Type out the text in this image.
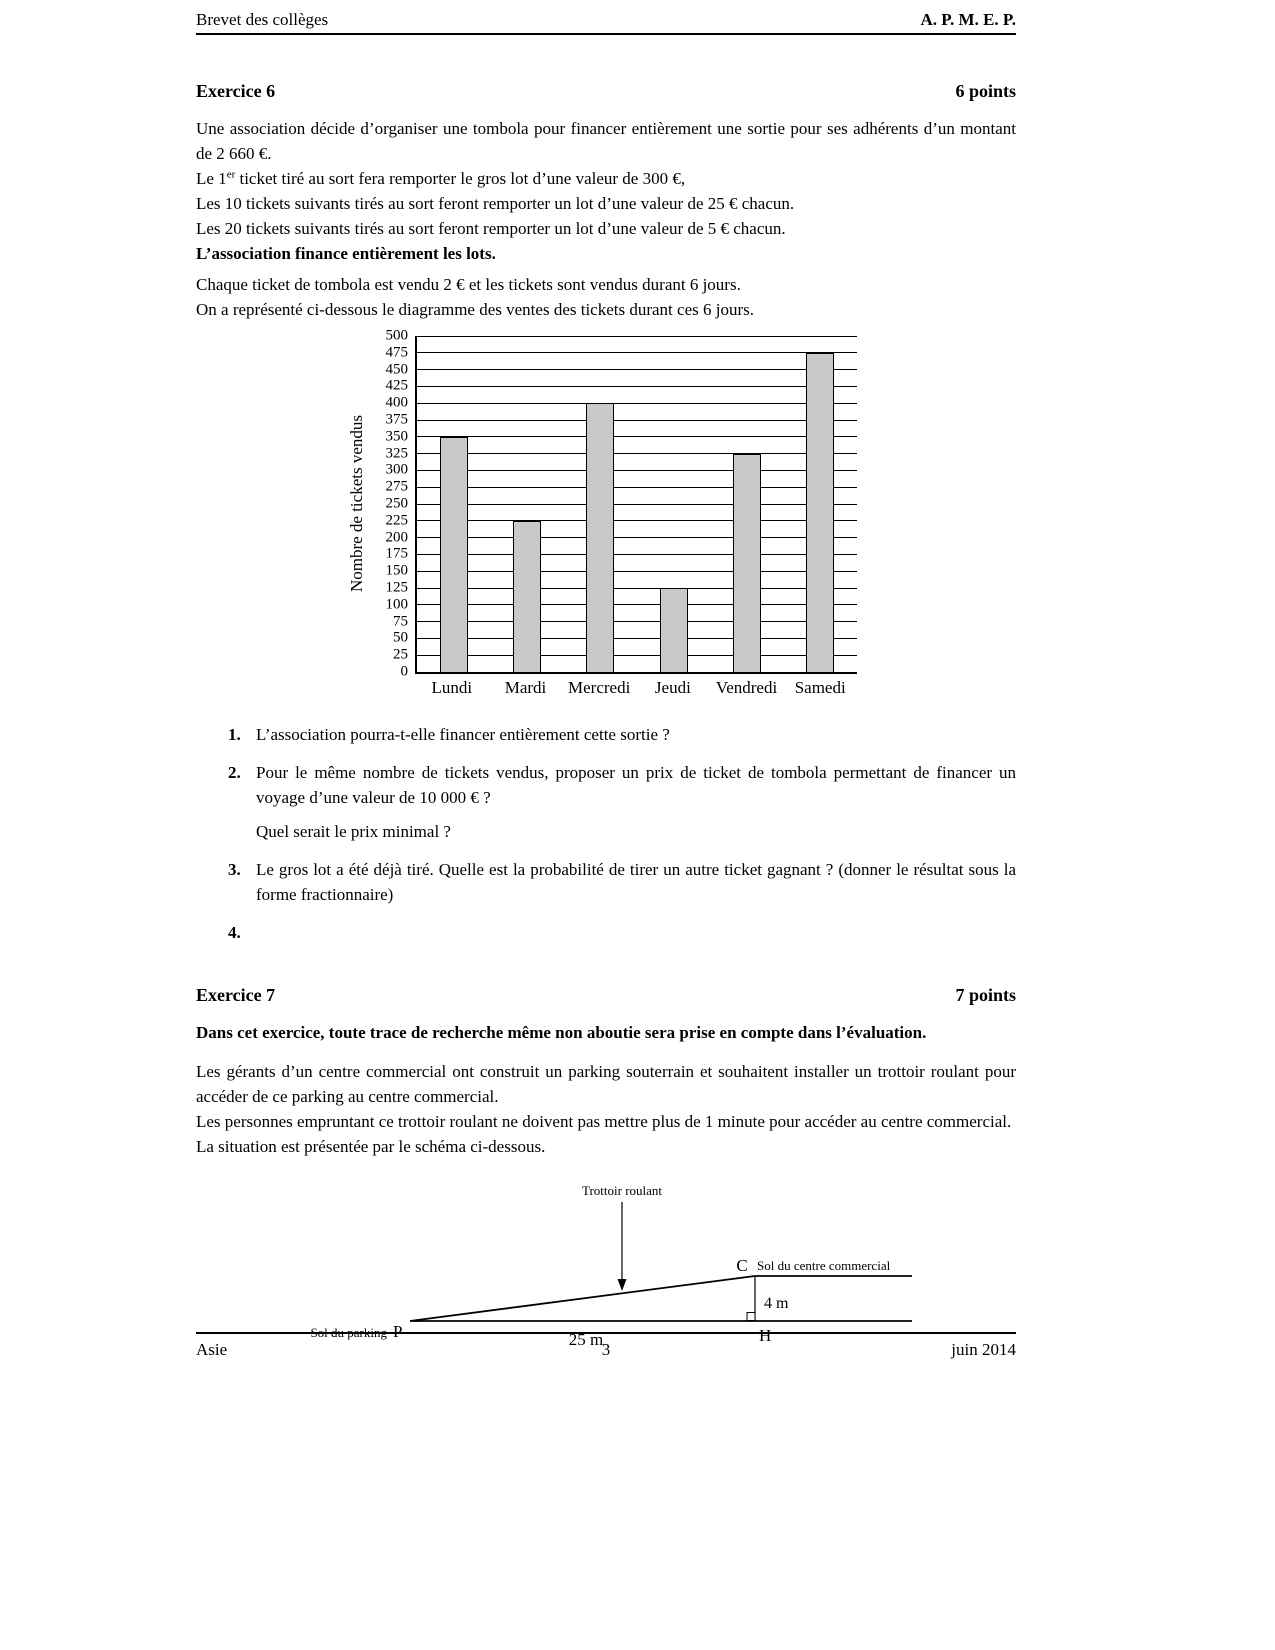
Brevet des collèges	A. P. M. E. P.
Exercice 6	6 points

Une association décide d’organiser une tombola pour financer entièrement une sortie pour ses adhérents d’un montant de 2 660 €.

Le 1er ticket tiré au sort fera remporter le gros lot d’une valeur de 300 €,

Les 10 tickets suivants tirés au sort feront remporter un lot d’une valeur de 25 € chacun.

Les 20 tickets suivants tirés au sort feront remporter un lot d’une valeur de 5 € chacun.

L’association finance entièrement les lots.

Chaque ticket de tombola est vendu 2 € et les tickets sont vendus durant 6 jours.

On a représenté ci-dessous le diagramme des ventes des tickets durant ces 6 jours.

Nombre de tickets vendus
0
25
50
75
100
125
150
175
200
225
250
275
300
325
350
375
400
425
450
475
500
Lundi	Mardi	Mercredi	Jeudi	Vendredi	Samedi
1. L’association pourra-t-elle financer entièrement cette sortie ?

2. Pour le même nombre de tickets vendus, proposer un prix de ticket de tombola permettant de financer un voyage d’une valeur de 10 000 € ?

Quel serait le prix minimal ?

3. Le gros lot a été déjà tiré. Quelle est la probabilité de tirer un autre ticket gagnant ? (donner le résultat sous la forme fractionnaire)

4.
Exercice 7	7 points

Dans cet exercice, toute trace de recherche même non aboutie sera prise en compte dans l’évaluation.

Les gérants d’un centre commercial ont construit un parking souterrain et souhaitent installer un trottoir roulant pour accéder de ce parking au centre commercial.

Les personnes empruntant ce trottoir roulant ne doivent pas mettre plus de 1 minute pour accéder au centre commercial.

La situation est présentée par le schéma ci-dessous.

Trottoir roulant
C Sol du centre commercial
4 m
H
Sol du parking P	25 m
Asie	3	juin 2014
